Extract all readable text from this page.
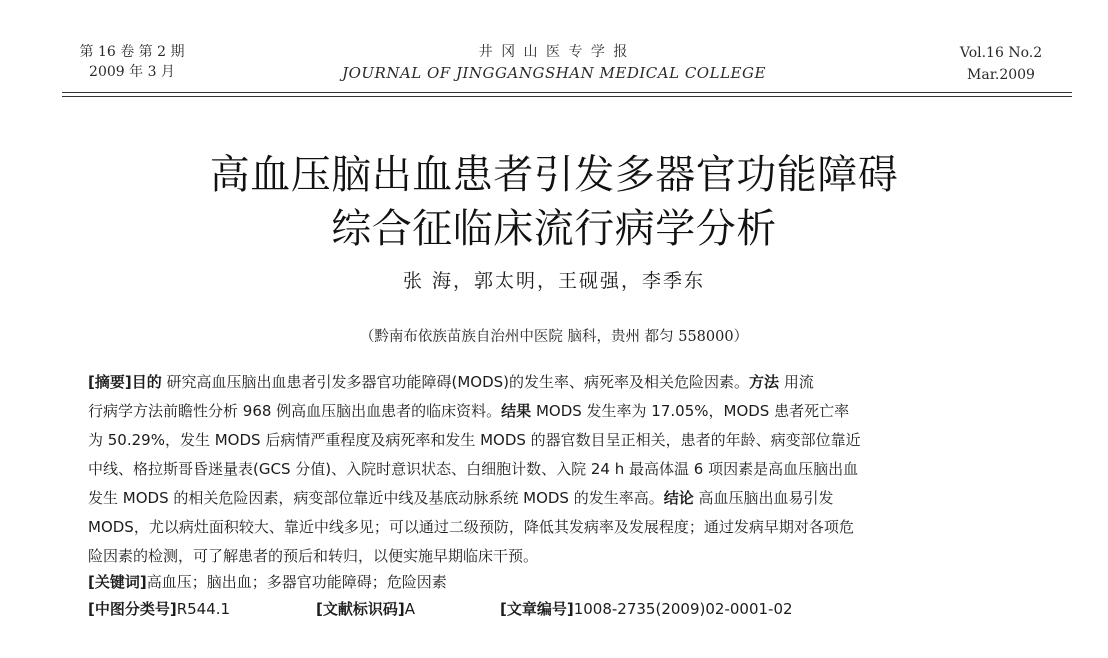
第 16 卷 第 2 期
2009 年 3 月
井 冈 山 医 专 学 报
JOURNAL OF JINGGANGSHAN MEDICAL COLLEGE
Vol.16 No.2
Mar.2009
高血压脑出血患者引发多器官功能障碍
综合征临床流行病学分析
张 海，郭太明，王砚强，李季东
（黔南布依族苗族自治州中医院 脑科，贵州 都匀 558000）
[摘要]目的 研究高血压脑出血患者引发多器官功能障碍(MODS)的发生率、病死率及相关危险因素。方法 用流
行病学方法前瞻性分析 968 例高血压脑出血患者的临床资料。结果 MODS 发生率为 17.05%，MODS 患者死亡率
为 50.29%，发生 MODS 后病情严重程度及病死率和发生 MODS 的器官数目呈正相关，患者的年龄、病变部位靠近
中线、格拉斯哥昏迷量表(GCS 分值)、入院时意识状态、白细胞计数、入院 24 h 最高体温 6 项因素是高血压脑出血
发生 MODS 的相关危险因素，病变部位靠近中线及基底动脉系统 MODS 的发生率高。结论 高血压脑出血易引发
MODS，尤以病灶面积较大、靠近中线多见；可以通过二级预防，降低其发病率及发展程度；通过发病早期对各项危
险因素的检测，可了解患者的预后和转归，以便实施早期临床干预。
[关键词]高血压；脑出血；多器官功能障碍；危险因素
[中图分类号]R544.1	[文献标识码]A	[文章编号]1008-2735(2009)02-0001-02
